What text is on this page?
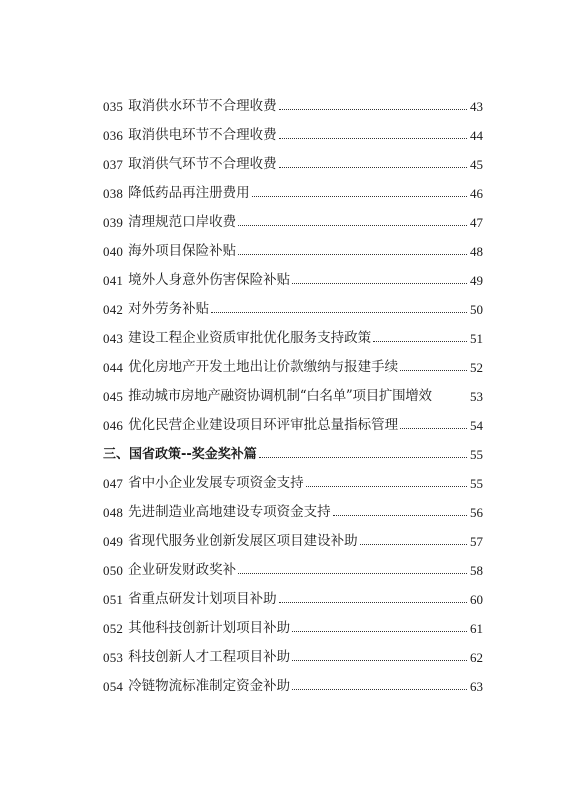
035 取消供水环节不合理收费	43
036 取消供电环节不合理收费	44
037 取消供气环节不合理收费	45
038 降低药品再注册费用	46
039 清理规范口岸收费	47
040 海外项目保险补贴	48
041 境外人身意外伤害保险补贴	49
042 对外劳务补贴	50
043 建设工程企业资质审批优化服务支持政策	51
044 优化房地产开发土地出让价款缴纳与报建手续	52
045 推动城市房地产融资协调机制“白名单”项目扩围增效	53
046 优化民营企业建设项目环评审批总量指标管理	54
三、国省政策--奖金奖补篇	55
047 省中小企业发展专项资金支持	55
048 先进制造业高地建设专项资金支持	56
049 省现代服务业创新发展区项目建设补助	57
050 企业研发财政奖补	58
051 省重点研发计划项目补助	60
052 其他科技创新计划项目补助	61
053 科技创新人才工程项目补助	62
054 冷链物流标准制定资金补助	63
